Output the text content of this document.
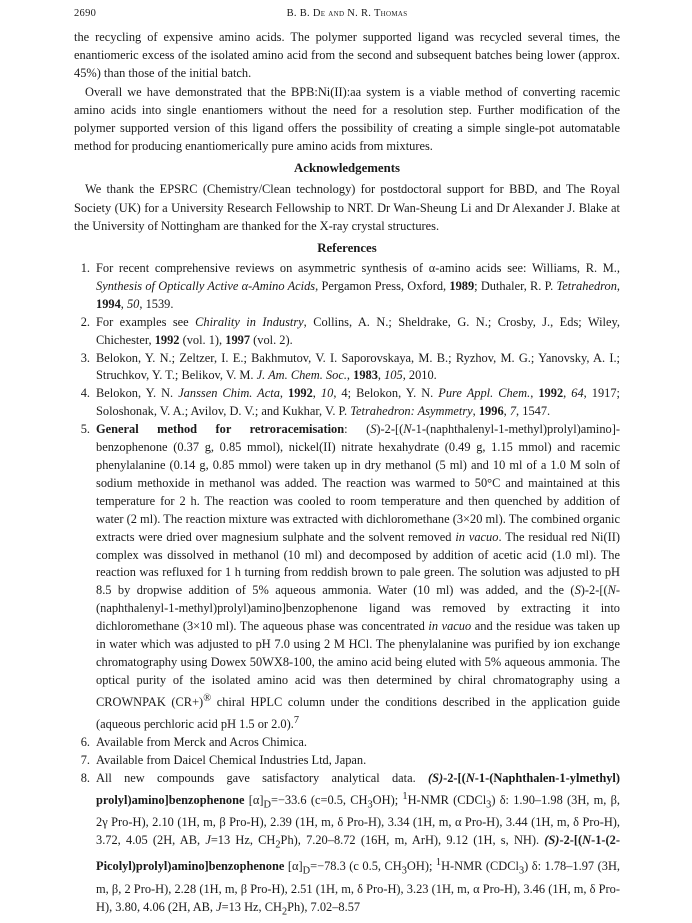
2690	B. B. De and N. R. Thomas

the recycling of expensive amino acids. The polymer supported ligand was recycled several times, the enantiomeric excess of the isolated amino acid from the second and subsequent batches being lower (approx. 45%) than those of the initial batch.

Overall we have demonstrated that the BPB:Ni(II):aa system is a viable method of converting racemic amino acids into single enantiomers without the need for a resolution step. Further modification of the polymer supported version of this ligand offers the possibility of creating a simple single-pot automatable method for producing enantiomerically pure amino acids from mixtures.

Acknowledgements

We thank the EPSRC (Chemistry/Clean technology) for postdoctoral support for BBD, and The Royal Society (UK) for a University Research Fellowship to NRT. Dr Wan-Sheung Li and Dr Alexander J. Blake at the University of Nottingham are thanked for the X-ray crystal structures.

References
1. For recent comprehensive reviews on asymmetric synthesis of α-amino acids see: Williams, R. M., Synthesis of Optically Active α-Amino Acids, Pergamon Press, Oxford, 1989; Duthaler, R. P. Tetrahedron, 1994, 50, 1539.
2. For examples see Chirality in Industry, Collins, A. N.; Sheldrake, G. N.; Crosby, J., Eds; Wiley, Chichester, 1992 (vol. 1), 1997 (vol. 2).
3. Belokon, Y. N.; Zeltzer, I. E.; Bakhmutov, V. I. Saporovskaya, M. B.; Ryzhov, M. G.; Yanovsky, A. I.; Struchkov, Y. T.; Belikov, V. M. J. Am. Chem. Soc., 1983, 105, 2010.
4. Belokon, Y. N. Janssen Chim. Acta, 1992, 10, 4; Belokon, Y. N. Pure Appl. Chem., 1992, 64, 1917; Soloshonak, V. A.; Avilov, D. V.; and Kukhar, V. P. Tetrahedron: Asymmetry, 1996, 7, 1547.
5. General method for retroracemisation: (S)-2-[(N-1-(naphthalenyl-1-methyl)prolyl)amino]-benzophenone (0.37 g, 0.85 mmol), nickel(II) nitrate hexahydrate (0.49 g, 1.15 mmol) and racemic phenylalanine (0.14 g, 0.85 mmol) were taken up in dry methanol (5 ml) and 10 ml of a 1.0 M soln of sodium methoxide in methanol was added. The reaction was warmed to 50°C and maintained at this temperature for 2 h. The reaction was cooled to room temperature and then quenched by addition of water (2 ml). The reaction mixture was extracted with dichloromethane (3×20 ml). The combined organic extracts were dried over magnesium sulphate and the solvent removed in vacuo. The residual red Ni(II) complex was dissolved in methanol (10 ml) and decomposed by addition of acetic acid (1.0 ml). The reaction was refluxed for 1 h turning from reddish brown to pale green. The solution was adjusted to pH 8.5 by dropwise addition of 5% aqueous ammonia. Water (10 ml) was added, and the (S)-2-[(N-(naphthalenyl-1-methyl)prolyl)amino]benzophenone ligand was removed by extracting it into dichloromethane (3×10 ml). The aqueous phase was concentrated in vacuo and the residue was taken up in water which was adjusted to pH 7.0 using 2 M HCl. The phenylalanine was purified by ion exchange chromatography using Dowex 50WX8-100, the amino acid being eluted with 5% aqueous ammonia. The optical purity of the isolated amino acid was then determined by chiral chromatography using a CROWNPAK (CR+)® chiral HPLC column under the conditions described in the application guide (aqueous perchloric acid pH 1.5 or 2.0).$^7$
6. Available from Merck and Acros Chimica.
7. Available from Daicel Chemical Industries Ltd, Japan.
8. All new compounds gave satisfactory analytical data. (S)-2-[(N-1-(Naphthalen-1-ylmethyl) prolyl)amino]benzophenone $[\alpha]_D=-33.6$ (c=0.5, $CH_3OH$); $^1$H-NMR (CDCl$_3$) δ: 1.90–1.98 (3H, m, β, 2γ Pro-H), 2.10 (1H, m, β Pro-H), 2.39 (1H, m, δ Pro-H), 3.34 (1H, m, α Pro-H), 3.44 (1H, m, δ Pro-H), 3.72, 4.05 (2H, AB, J=13 Hz, $CH_2Ph$), 7.20–8.72 (16H, m, ArH), 9.12 (1H, s, NH). (S)-2-[(N-1-(2-Picolyl)prolyl)amino]benzophenone $[\alpha]_D=-78.3$ (c 0.5, $CH_3OH$); $^1$H-NMR (CDCl$_3$) δ: 1.78–1.97 (3H, m, β, 2 Pro-H), 2.28 (1H, m, β Pro-H), 2.51 (1H, m, δ Pro-H), 3.23 (1H, m, α Pro-H), 3.46 (1H, m, δ Pro-H), 3.80, 4.06 (2H, AB, J=13 Hz, $CH_2Ph$), 7.02–8.57
